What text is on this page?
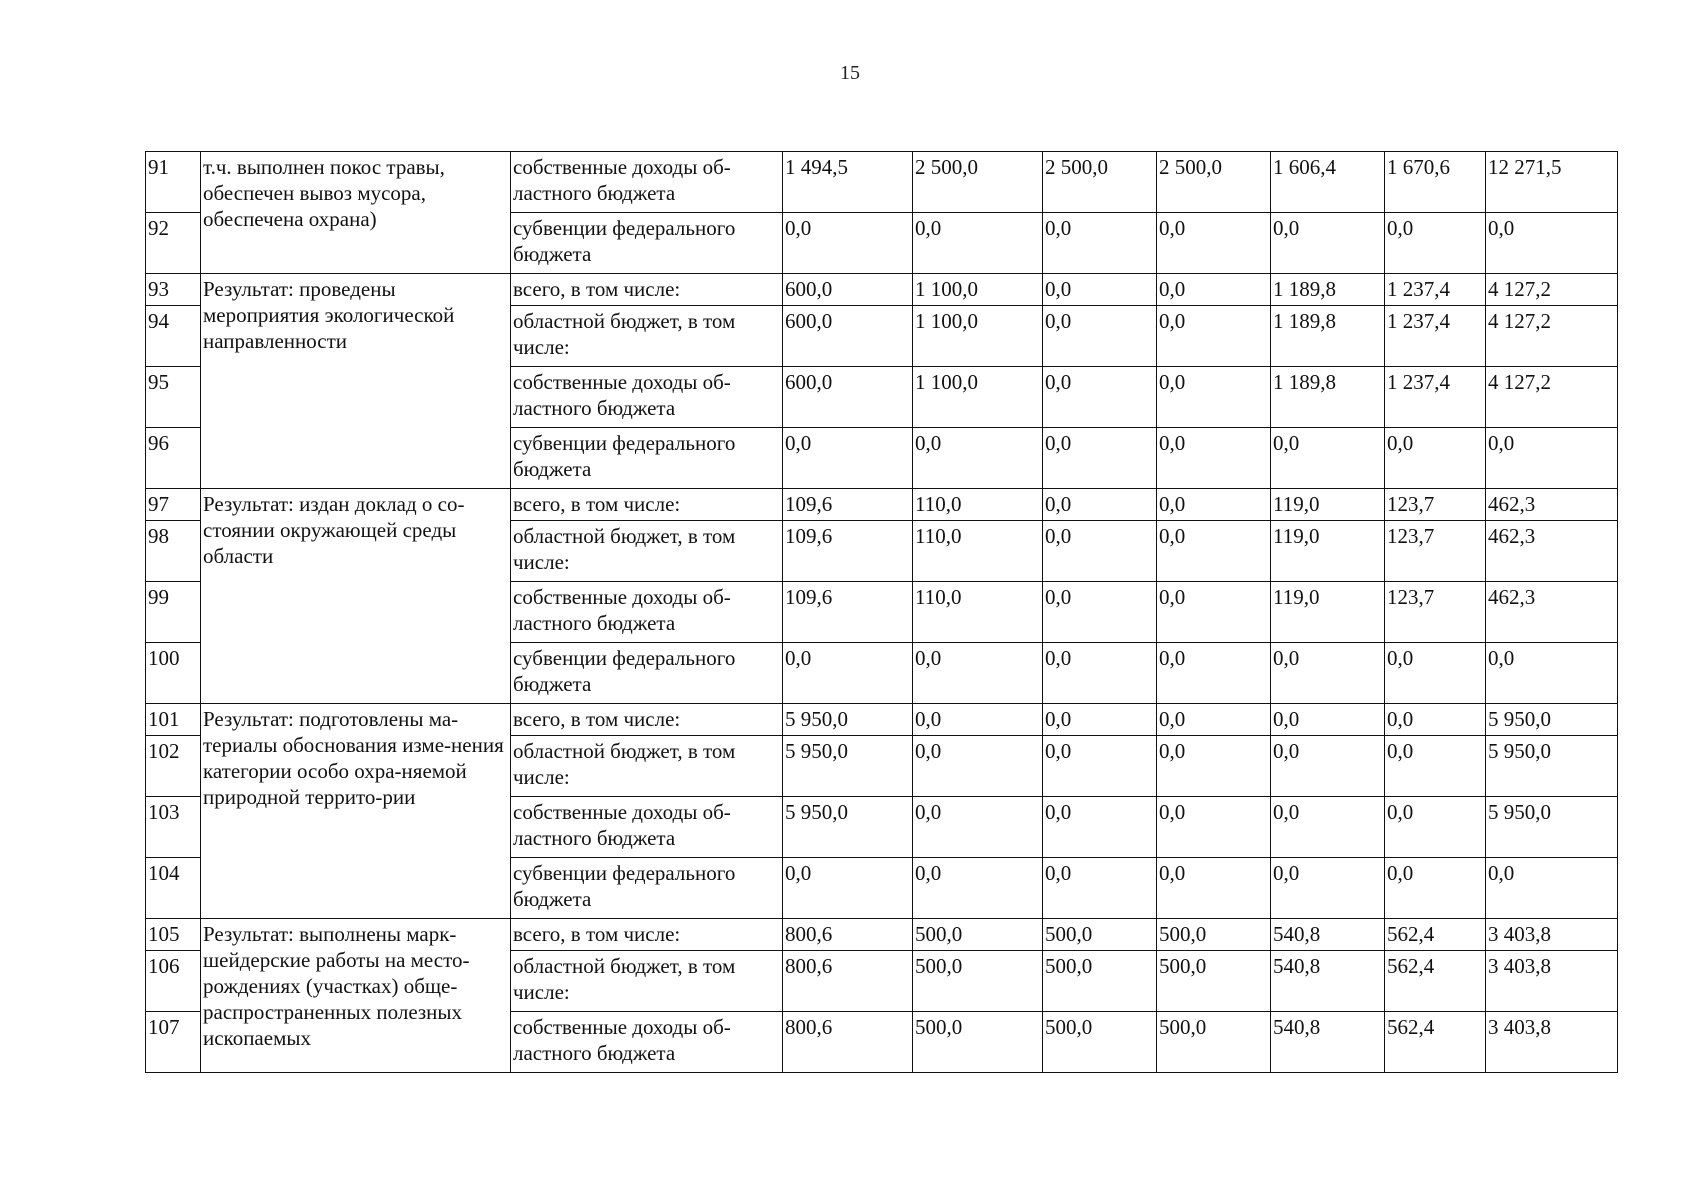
15
91	т.ч. выполнен покос травы, обеспечен вывоз мусора, обеспечена охрана)	собственные доходы об-ластного бюджета	1 494,5	2 500,0	2 500,0	2 500,0	1 606,4	1 670,6	12 271,5
92		субвенции федерального бюджета	0,0	0,0	0,0	0,0	0,0	0,0	0,0
93	Результат: проведены мероприятия экологической направленности	всего, в том числе:	600,0	1 100,0	0,0	0,0	1 189,8	1 237,4	4 127,2
94		областной бюджет, в том числе:	600,0	1 100,0	0,0	0,0	1 189,8	1 237,4	4 127,2
95		собственные доходы об-ластного бюджета	600,0	1 100,0	0,0	0,0	1 189,8	1 237,4	4 127,2
96		субвенции федерального бюджета	0,0	0,0	0,0	0,0	0,0	0,0	0,0
97	Результат: издан доклад о со-стоянии окружающей среды области	всего, в том числе:	109,6	110,0	0,0	0,0	119,0	123,7	462,3
98		областной бюджет, в том числе:	109,6	110,0	0,0	0,0	119,0	123,7	462,3
99		собственные доходы об-ластного бюджета	109,6	110,0	0,0	0,0	119,0	123,7	462,3
100		субвенции федерального бюджета	0,0	0,0	0,0	0,0	0,0	0,0	0,0
101	Результат: подготовлены ма-териалы обоснования изме-нения категории особо охра-няемой природной террито-рии	всего, в том числе:	5 950,0	0,0	0,0	0,0	0,0	0,0	5 950,0
102		областной бюджет, в том числе:	5 950,0	0,0	0,0	0,0	0,0	0,0	5 950,0
103		собственные доходы об-ластного бюджета	5 950,0	0,0	0,0	0,0	0,0	0,0	5 950,0
104		субвенции федерального бюджета	0,0	0,0	0,0	0,0	0,0	0,0	0,0
105	Результат: выполнены марк-шейдерские работы на место-рождениях (участках) обще-распространенных полезных ископаемых	всего, в том числе:	800,6	500,0	500,0	500,0	540,8	562,4	3 403,8
106		областной бюджет, в том числе:	800,6	500,0	500,0	500,0	540,8	562,4	3 403,8
107		собственные доходы об-ластного бюджета	800,6	500,0	500,0	500,0	540,8	562,4	3 403,8
